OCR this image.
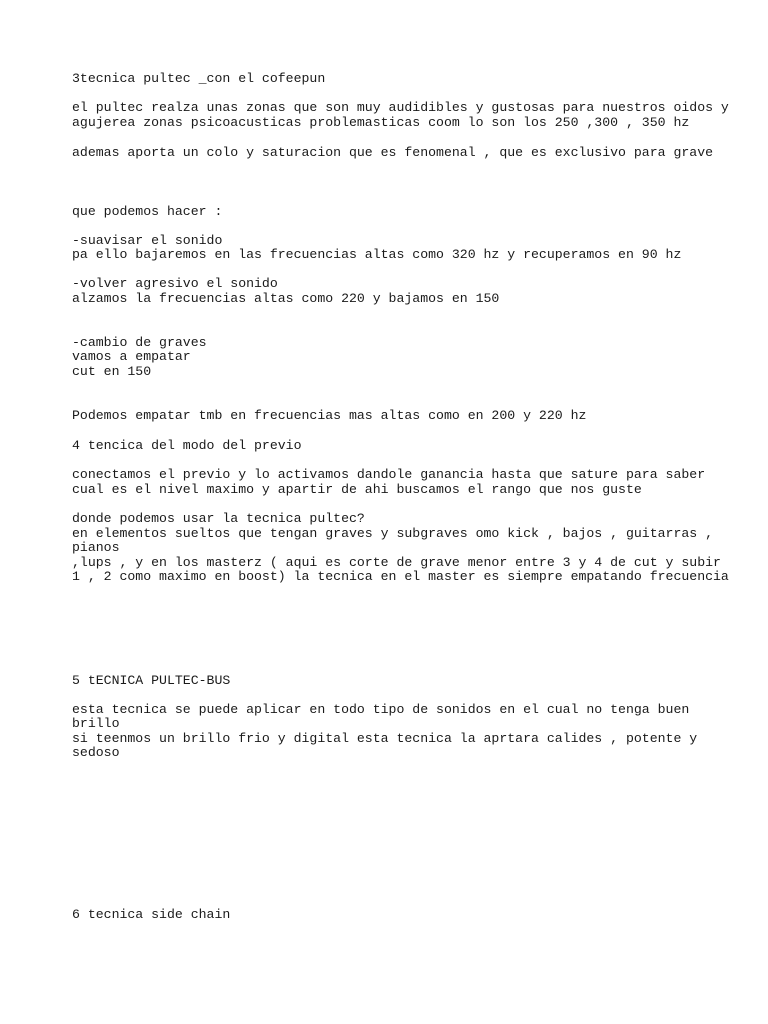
3tecnica pultec _con el cofeepun

el pultec realza unas zonas que son muy audidibles y gustosas para nuestros oidos y

agujerea zonas psicoacusticas problemasticas coom lo son los 250 ,300 , 350 hz

ademas aporta un colo y saturacion que es fenomenal , que es exclusivo para grave

que podemos hacer :

-suavisar el sonido

pa ello bajaremos en las frecuencias altas como 320 hz y recuperamos en 90 hz

-volver agresivo el sonido

alzamos la frecuencias altas como 220 y bajamos en 150

-cambio de graves

vamos a empatar

cut en 150

Podemos empatar tmb en frecuencias mas altas como en 200 y 220 hz

4 tencica del modo del previo

conectamos el previo y lo activamos dandole ganancia hasta que sature para saber

cual es el nivel maximo y apartir de ahi buscamos el rango que nos guste

donde podemos usar la tecnica pultec?

en elementos sueltos que tengan graves y subgraves omo kick , bajos , guitarras ,

pianos

,lups , y en los masterz ( aqui es corte de grave menor entre 3 y 4 de cut y subir

1 , 2 como maximo en boost) la tecnica en el master es siempre empatando frecuencia

5 tECNICA PULTEC-BUS

esta tecnica se puede aplicar en todo tipo de sonidos en el cual no tenga buen

brillo

si teenmos un brillo frio y digital esta tecnica la aprtara calides , potente y

sedoso

6 tecnica side chain
